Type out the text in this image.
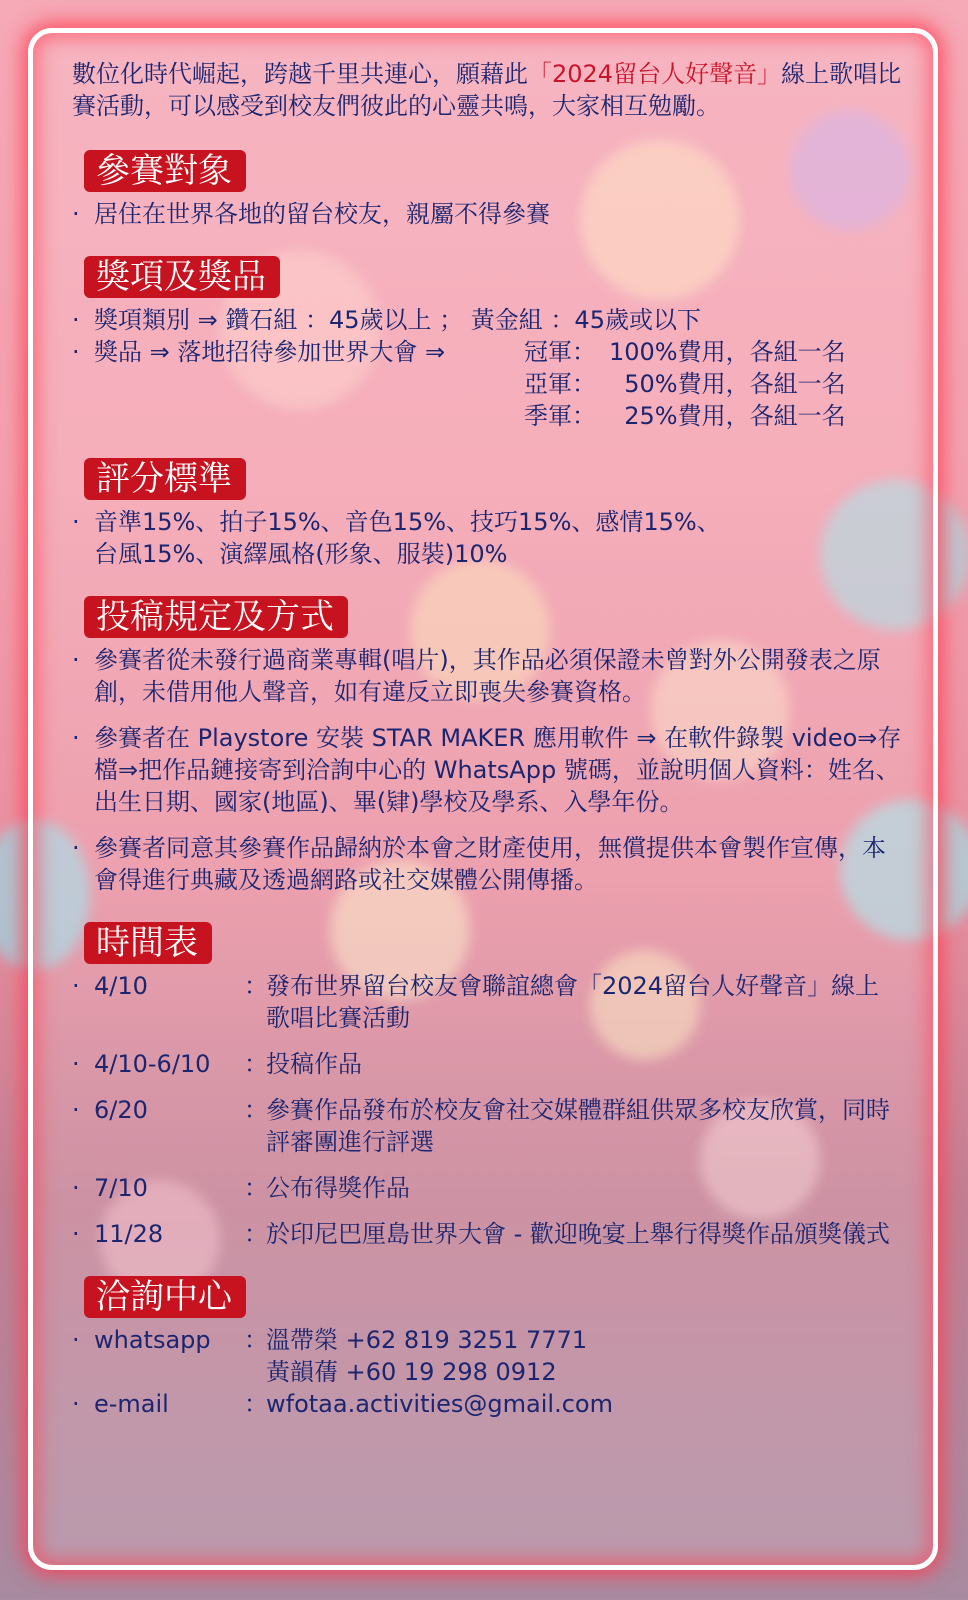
數位化時代崛起，跨越千里共連心，願藉此「2024留台人好聲音」線上歌唱比賽活動，可以感受到校友們彼此的心靈共鳴，大家相互勉勵。

參賽對象
· 居住在世界各地的留台校友，親屬不得參賽
獎項及獎品
· 獎項類別 ⇒ 鑽石組 ：45歲以上 ； 黃金組 ：45歲或以下
· 獎品 ⇒ 落地招待參加世界大會 ⇒	冠軍： 100%費用，各組一名
亞軍： 50%費用，各組一名
季軍： 25%費用，各組一名
評分標準
· 音準15%、拍子15%、音色15%、技巧15%、感情15%、
台風15%、演繹風格(形象、服裝)10%
投稿規定及方式
· 參賽者從未發行過商業專輯(唱片)，其作品必須保證未曾對外公開發表之原創，未借用他人聲音，如有違反立即喪失參賽資格。
· 參賽者在 Playstore 安裝 STAR MAKER 應用軟件 ⇒ 在軟件錄製 video⇒存檔⇒把作品鏈接寄到洽詢中心的 WhatsApp 號碼，並說明個人資料：姓名、出生日期、國家(地區)、畢(肄)學校及學系、入學年份。
· 參賽者同意其參賽作品歸納於本會之財產使用，無償提供本會製作宣傳，本會得進行典藏及透過網路或社交媒體公開傳播。
時間表
· 4/10	：
發布世界留台校友會聯誼總會「2024留台人好聲音」線上歌唱比賽活動
· 4/10-6/10	：
投稿作品
· 6/20	：
參賽作品發布於校友會社交媒體群組供眾多校友欣賞，同時評審團進行評選
· 7/10	：
公布得獎作品
· 11/28	：
於印尼巴厘島世界大會 - 歡迎晚宴上舉行得獎作品頒獎儀式
洽詢中心
· whatsapp	：
溫帶榮 +62 819 3251 7771
黃韻蒨 +60 19 298 0912
· e-mail	：
wfotaa.activities@gmail.com
